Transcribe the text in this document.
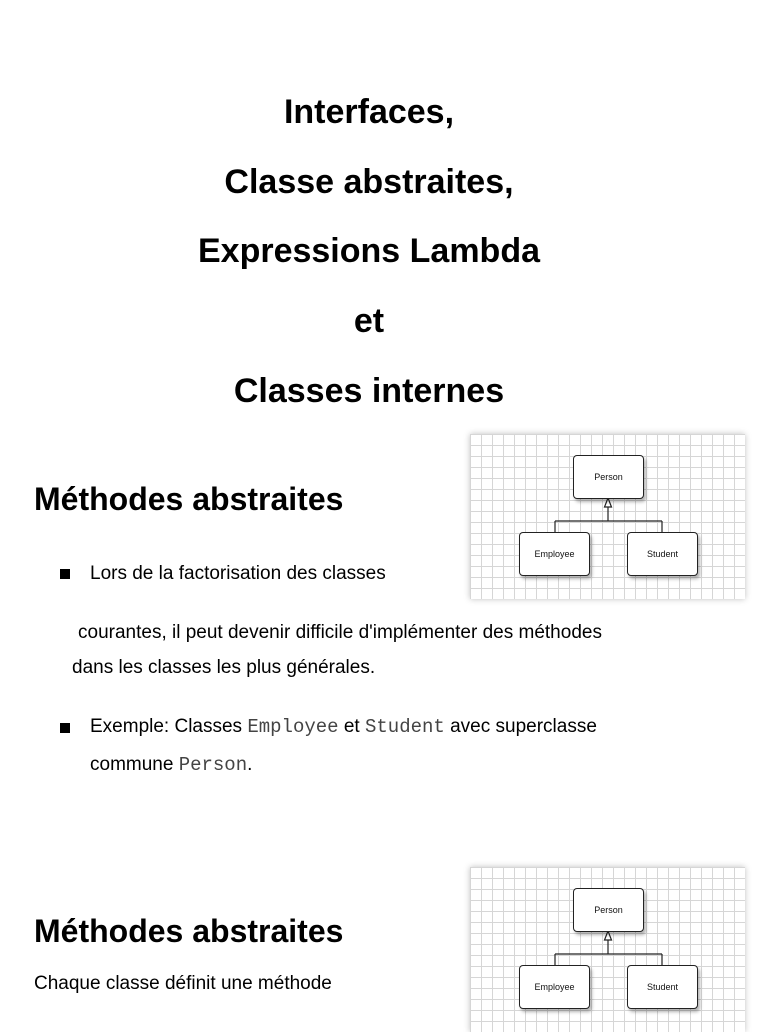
Interfaces,
Classe abstraites,
Expressions Lambda
et
Classes internes
Person
Employee	Student
Méthodes abstraites
Lors de la factorisation des classes
courantes, il peut devenir difficile d'implémenter des méthodes
dans les classes les plus générales.
Exemple: Classes Employee et Student avec superclasse
commune Person.
Person
Employee	Student
Méthodes abstraites
Chaque classe définit une méthode
